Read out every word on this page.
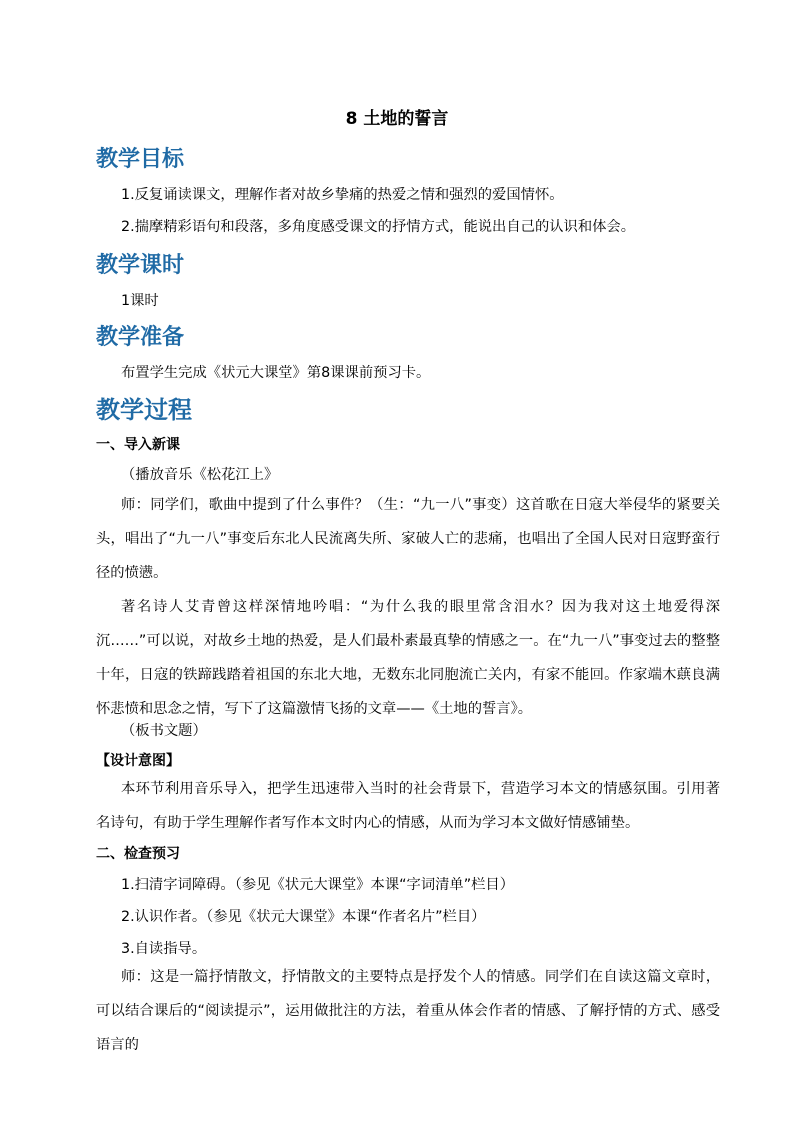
8 土地的誓言
教学目标
1.反复诵读课文，理解作者对故乡挚痛的热爱之情和强烈的爱国情怀。
2.揣摩精彩语句和段落，多角度感受课文的抒情方式，能说出自己的认识和体会。
教学课时
1课时
教学准备
布置学生完成《状元大课堂》第8课课前预习卡。
教学过程
一、导入新课
（播放音乐《松花江上》
师：同学们，歌曲中提到了什么事件？（生：“九一八”事变）这首歌在日寇大举侵华的紧要关头，唱出了“九一八”事变后东北人民流离失所、家破人亡的悲痛，也唱出了全国人民对日寇野蛮行径的愤懑。
著名诗人艾青曾这样深情地吟唱：“为什么我的眼里常含泪水？因为我对这土地爱得深沉……”可以说，对故乡土地的热爱，是人们最朴素最真挚的情感之一。在“九一八”事变过去的整整十年，日寇的铁蹄践踏着祖国的东北大地，无数东北同胞流亡关内，有家不能回。作家端木蕻良满怀悲愤和思念之情，写下了这篇激情飞扬的文章——《土地的誓言》。
（板书文题）
【设计意图】
本环节利用音乐导入，把学生迅速带入当时的社会背景下，营造学习本文的情感氛围。引用著名诗句，有助于学生理解作者写作本文时内心的情感，从而为学习本文做好情感铺垫。
二、检查预习
1.扫清字词障碍。（参见《状元大课堂》本课“字词清单”栏目）
2.认识作者。（参见《状元大课堂》本课“作者名片”栏目）
3.自读指导。
师：这是一篇抒情散文，抒情散文的主要特点是抒发个人的情感。同学们在自读这篇文章时，可以结合课后的“阅读提示”，运用做批注的方法，着重从体会作者的情感、了解抒情的方式、感受语言的
